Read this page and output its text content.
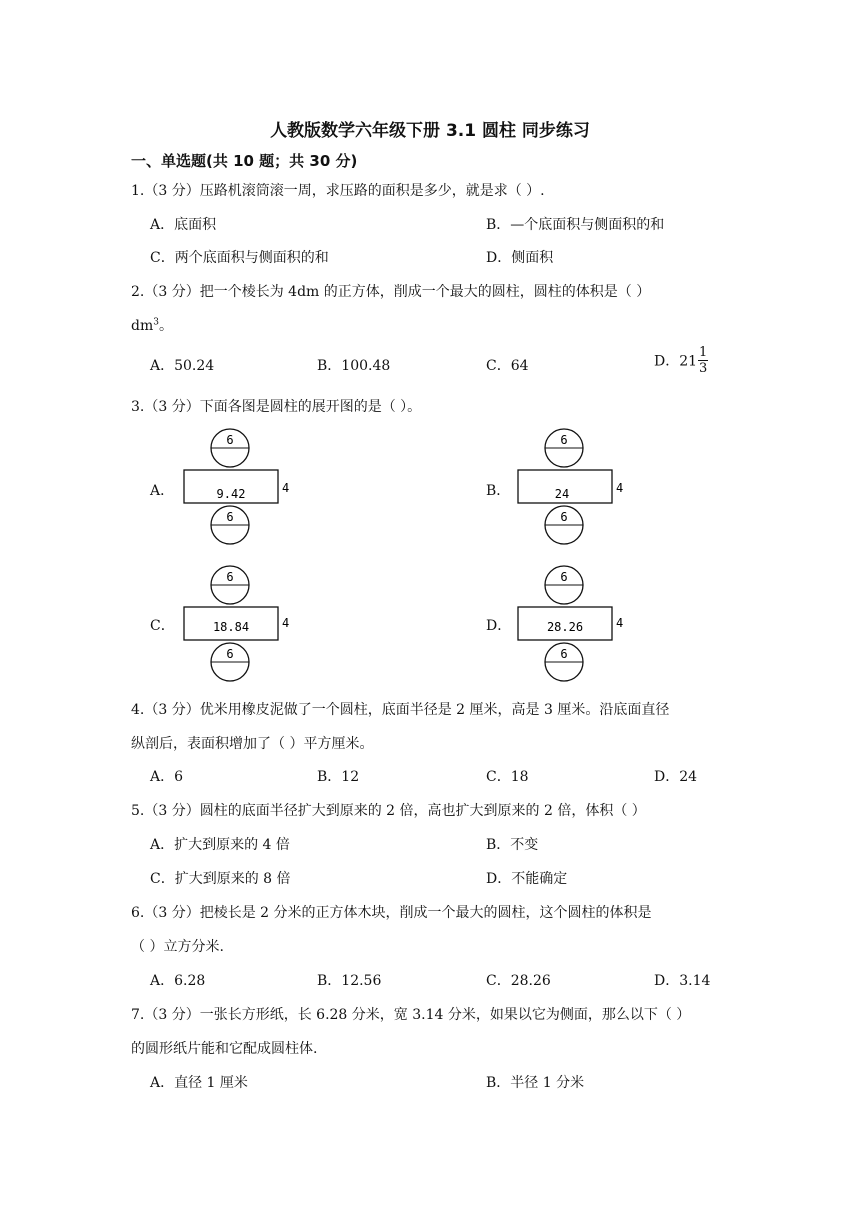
人教版数学六年级下册 3.1 圆柱 同步练习
一、单选题(共 10 题；共 30 分)
1.（3 分）压路机滚筒滚一周，求压路的面积是多少，就是求（ ）.
A．底面积	B．—个底面积与侧面积的和
C．两个底面积与侧面积的和	D．侧面积
2.（3 分）把一个棱长为 4dm 的正方体，削成一个最大的圆柱，圆柱的体积是（ ）
$dm^3$。
A．50.24	B．100.48	C．64	D．$21 \frac{1}{3}$
3.（3 分）下面各图是圆柱的展开图的是（ ）。
A．	B．
C．	D．
6
9.42	4
6
6
24	4
6
6
18.84	4
6
6
28.26	4
6
4.（3 分）优米用橡皮泥做了一个圆柱，底面半径是 2 厘米，高是 3 厘米。沿底面直径
纵剖后，表面积增加了（ ）平方厘米。
A．6	B．12	C．18	D．24
5.（3 分）圆柱的底面半径扩大到原来的 2 倍，高也扩大到原来的 2 倍，体积（ ）
A．扩大到原来的 4 倍	B．不变
C．扩大到原来的 8 倍	D．不能确定
6.（3 分）把棱长是 2 分米的正方体木块，削成一个最大的圆柱，这个圆柱的体积是
（ ）立方分米.
A．6.28	B．12.56	C．28.26	D．3.14
7.（3 分）一张长方形纸，长 6.28 分米，宽 3.14 分米，如果以它为侧面，那么以下（ ）
的圆形纸片能和它配成圆柱体.
A．直径 1 厘米	B．半径 1 分米
